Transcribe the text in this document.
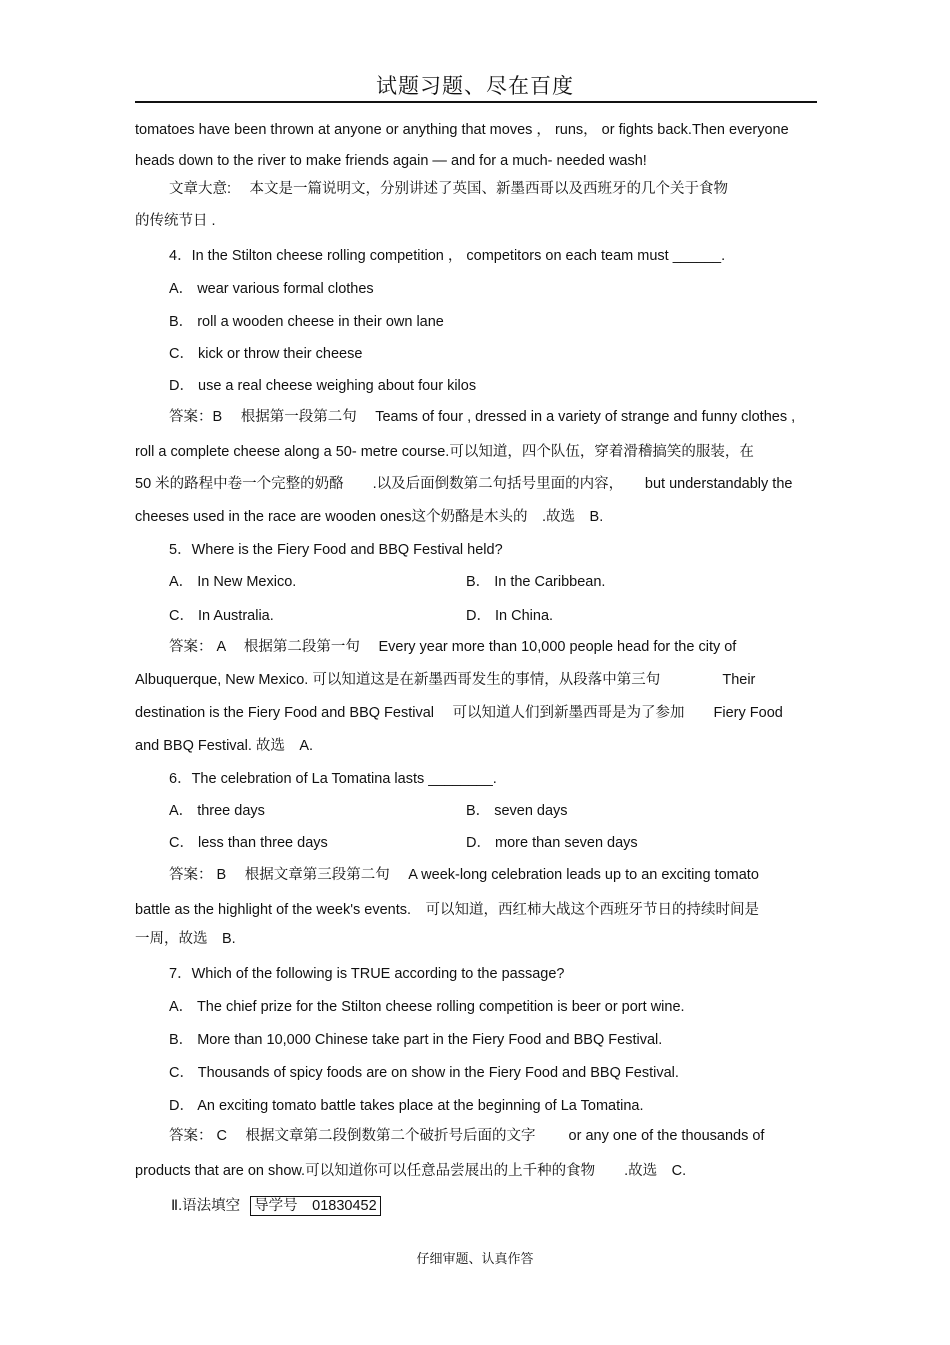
试题习题、尽在百度
tomatoes have been thrown at anyone or anything that moves ， runs， or fights back.Then everyone
heads down to the river to make friends again — and for a much- needed wash!
文章大意:　 本文是一篇说明文，分别讲述了英国、新墨西哥以及西班牙的几个关于食物
的传统节日 .
4．In the Stilton cheese rolling competition ， competitors on each team must ______.
A． wear various formal clothes
B． roll a wooden cheese in their own lane
C． kick or throw their cheese
D． use a real cheese weighing about four kilos
答案：B　 根据第一段第二句　 Teams of four , dressed in a variety of strange and funny clothes ,
roll a complete cheese along a 50- metre course.可以知道，四个队伍，穿着滑稽搞笑的服装，在
50 米的路程中卷一个完整的奶酪　　.以及后面倒数第二句括号里面的内容，　　but understandably the
cheeses used in the race are wooden ones这个奶酪是木头的　.故选　B.
5．Where is the Fiery Food and BBQ Festival held?
A． In New Mexico.	B． In the Caribbean.
C． In Australia.	D． In China.
答案： A　 根据第二段第一句　 Every year more than 10,000 people head for the city of
Albuquerque, New Mexico. 可以知道这是在新墨西哥发生的事情，从段落中第三句　　　　 Their
destination is the Fiery Food and BBQ Festival　 可以知道人们到新墨西哥是为了参加　　Fiery Food
and BBQ Festival. 故选　A.
6．The celebration of La Tomatina lasts ________.
A． three days	B． seven days
C． less than three days	D． more than seven days
答案： B　 根据文章第三段第二句　 A week-long celebration leads up to an exciting tomato
battle as the highlight of the week's events.　可以知道，西红柿大战这个西班牙节日的持续时间是
一周，故选　B.
7．Which of the following is TRUE according to the passage?
A． The chief prize for the Stilton cheese rolling competition is beer or port wine.
B． More than 10,000 Chinese take part in the Fiery Food and BBQ Festival.
C． Thousands of spicy foods are on show in the Fiery Food and BBQ Festival.
D． An exciting tomato battle takes place at the beginning of La Tomatina.
答案： C　 根据文章第二段倒数第二个破折号后面的文字　　 or any one of the thousands of
products that are on show.可以知道你可以任意品尝展出的上千种的食物　　.故选　C.
Ⅱ.语法填空 导学号　01830452
仔细审题、认真作答
